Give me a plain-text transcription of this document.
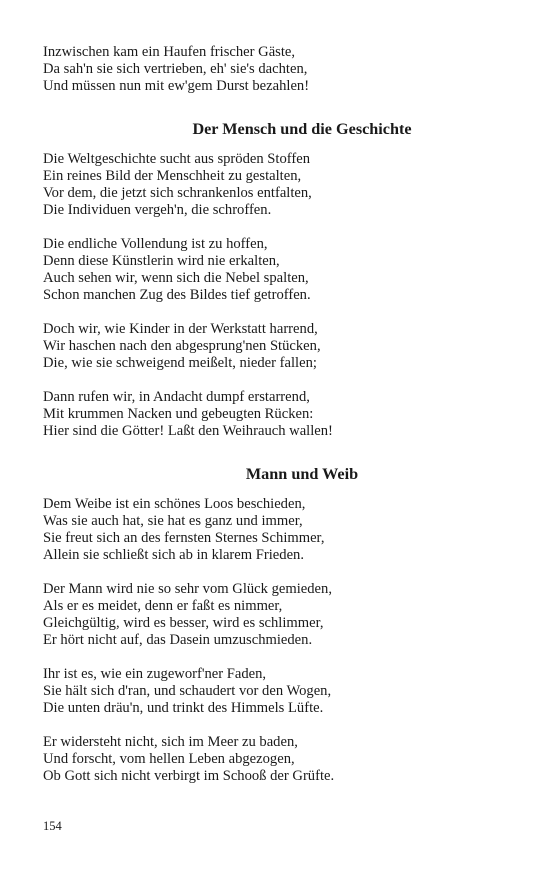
Inzwischen kam ein Haufen frischer Gäste,
Da sah'n sie sich vertrieben, eh' sie's dachten,
Und müssen nun mit ew'gem Durst bezahlen!
Der Mensch und die Geschichte
Die Weltgeschichte sucht aus spröden Stoffen
Ein reines Bild der Menschheit zu gestalten,
Vor dem, die jetzt sich schrankenlos entfalten,
Die Individuen vergeh'n, die schroffen.
Die endliche Vollendung ist zu hoffen,
Denn diese Künstlerin wird nie erkalten,
Auch sehen wir, wenn sich die Nebel spalten,
Schon manchen Zug des Bildes tief getroffen.
Doch wir, wie Kinder in der Werkstatt harrend,
Wir haschen nach den abgesprung'nen Stücken,
Die, wie sie schweigend meißelt, nieder fallen;
Dann rufen wir, in Andacht dumpf erstarrend,
Mit krummen Nacken und gebeugten Rücken:
Hier sind die Götter! Laßt den Weihrauch wallen!
Mann und Weib
Dem Weibe ist ein schönes Loos beschieden,
Was sie auch hat, sie hat es ganz und immer,
Sie freut sich an des fernsten Sternes Schimmer,
Allein sie schließt sich ab in klarem Frieden.
Der Mann wird nie so sehr vom Glück gemieden,
Als er es meidet, denn er faßt es nimmer,
Gleichgültig, wird es besser, wird es schlimmer,
Er hört nicht auf, das Dasein umzuschmieden.
Ihr ist es, wie ein zugeworf'ner Faden,
Sie hält sich d'ran, und schaudert vor den Wogen,
Die unten dräu'n, und trinkt des Himmels Lüfte.
Er widersteht nicht, sich im Meer zu baden,
Und forscht, vom hellen Leben abgezogen,
Ob Gott sich nicht verbirgt im Schooß der Grüfte.
154
